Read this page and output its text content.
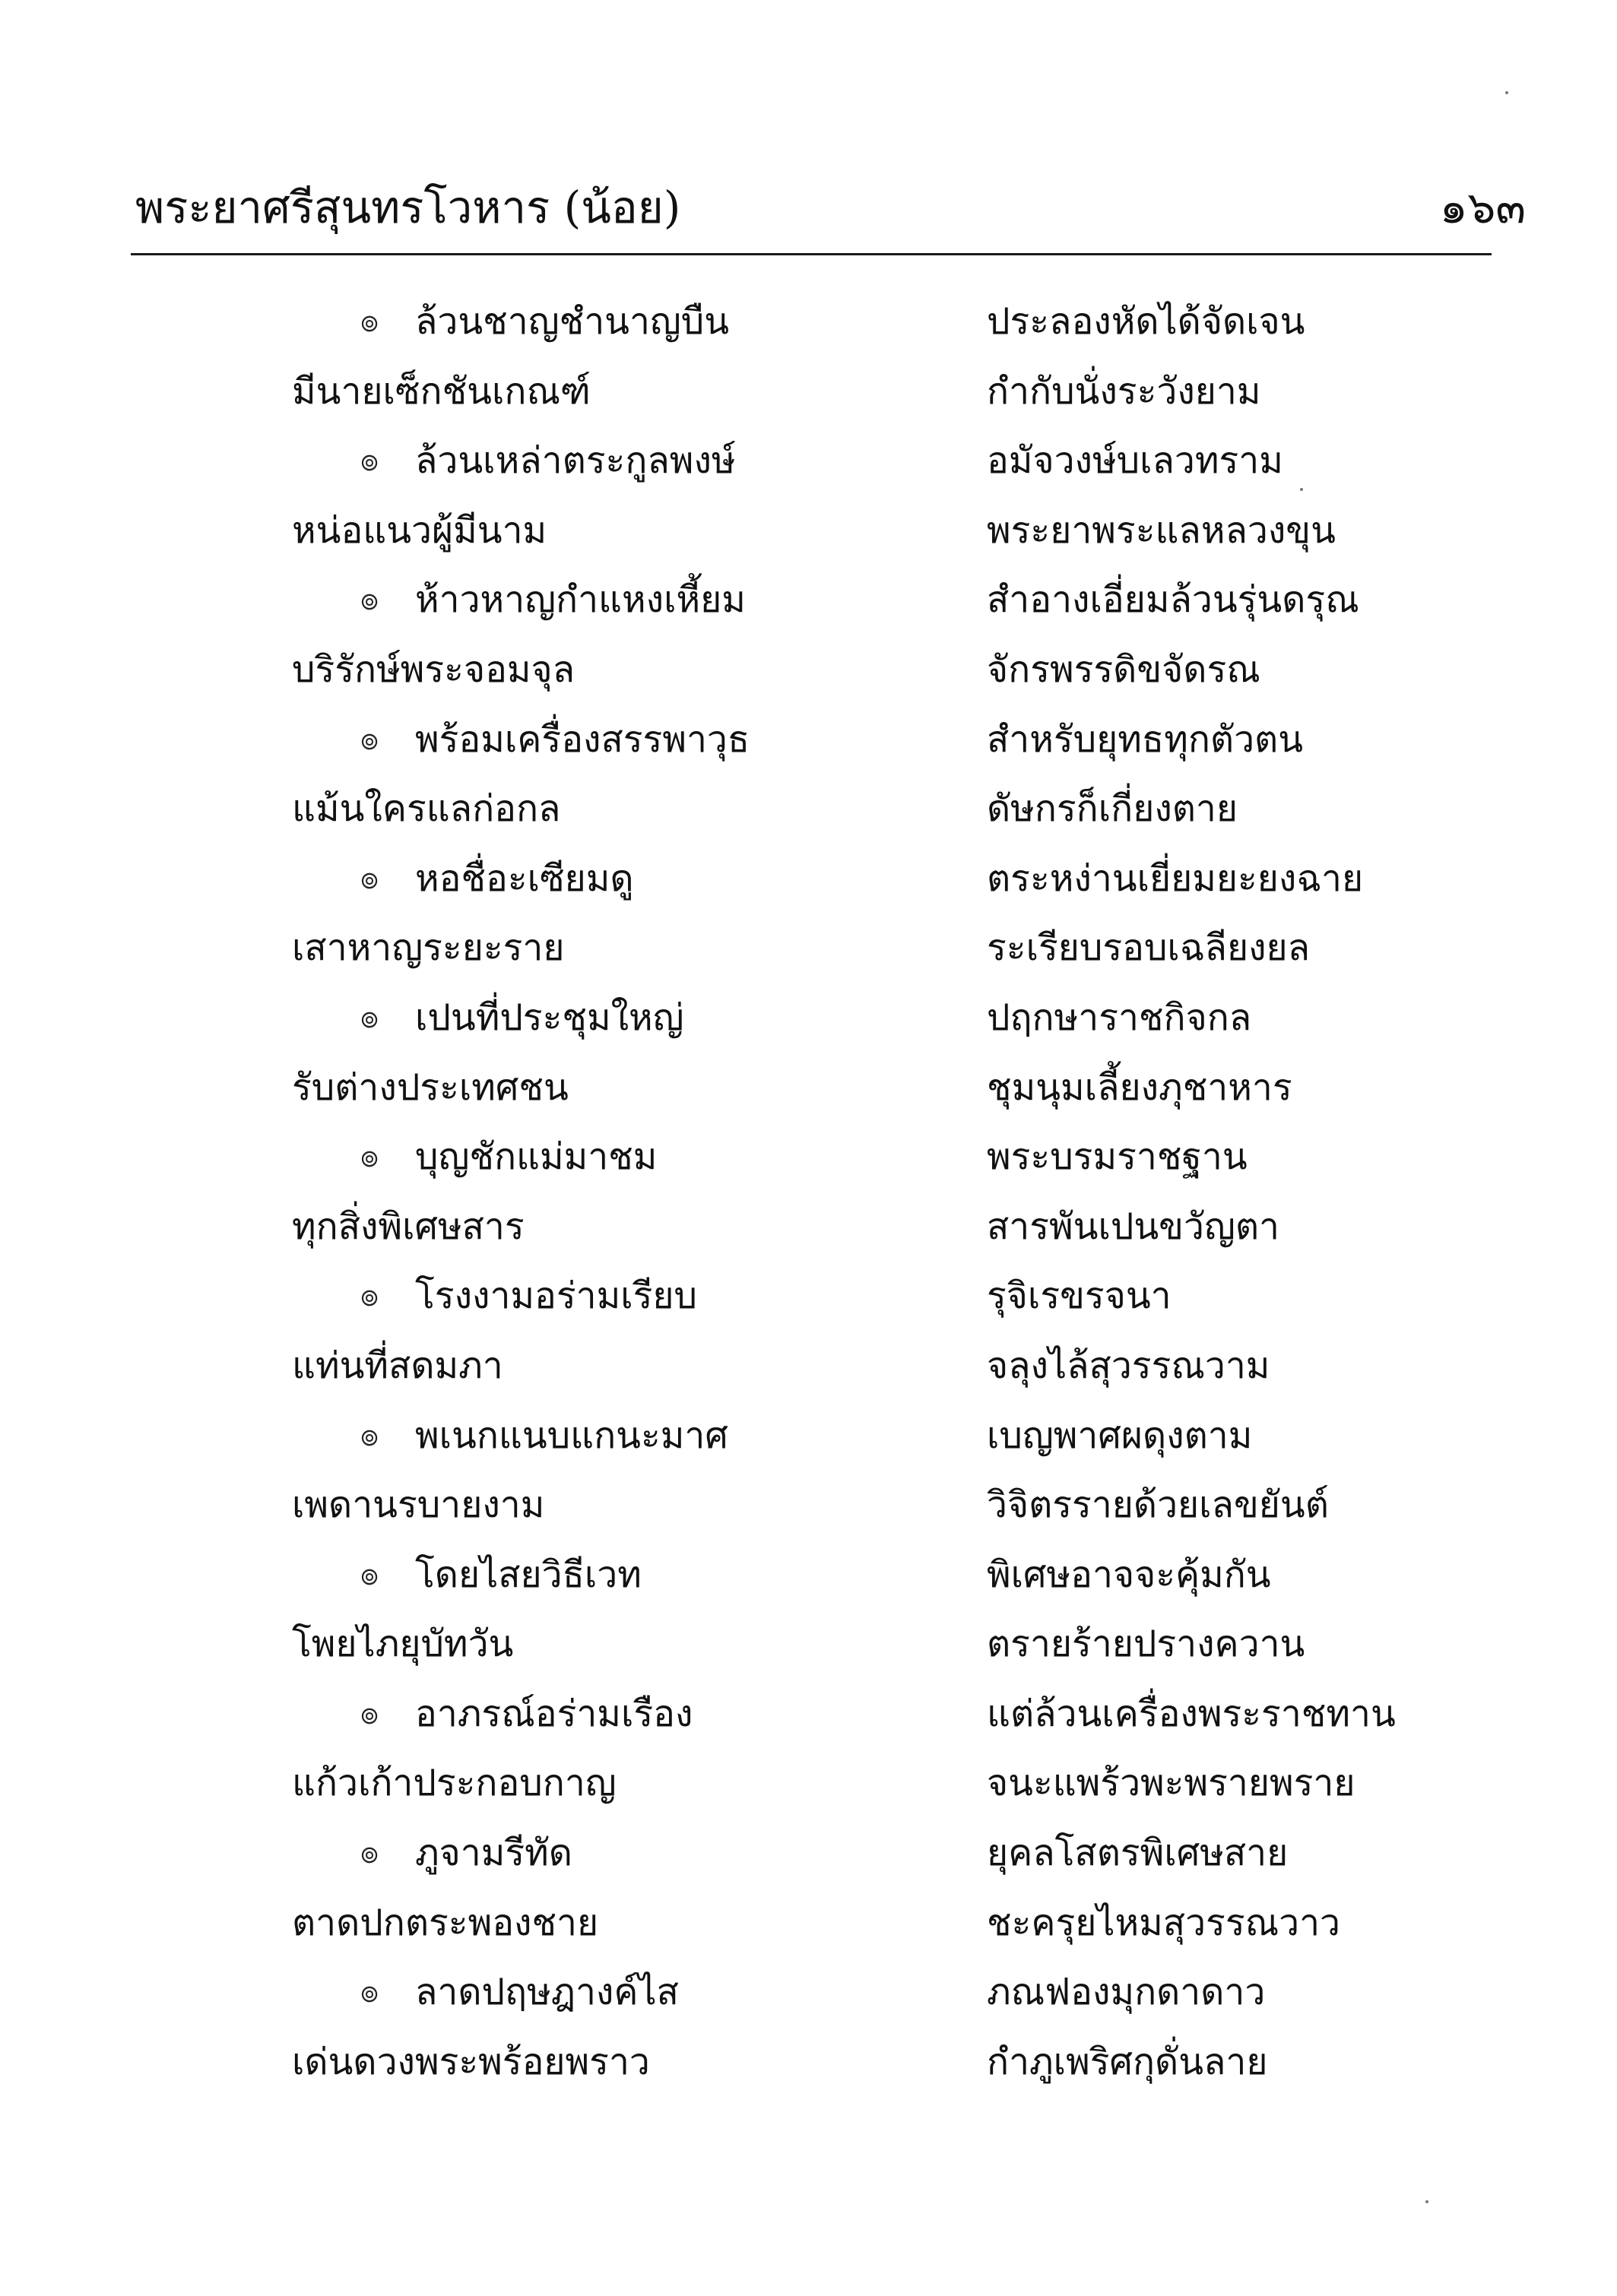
พระยาศรีสุนทรโวหาร (น้อย)	๑๖๓
๏ ล้วนชาญชำนาญบืน	ประลองหัดได้จัดเจน
มีนายเซ็กชันเกณฑ์	กำกับนั่งระวังยาม
๏ ล้วนเหล่าตระกูลพงษ์	อมัจวงษ์บเลวทราม
หน่อแนวผู้มีนาม	พระยาพระแลหลวงขุน
๏ ห้าวหาญกำแหงเหี้ยม	สำอางเอี่ยมล้วนรุ่นดรุณ
บริรักษ์พระจอมจุล	จักรพรรดิขจัดรณ
๏ พร้อมเครื่องสรรพาวุธ	สำหรับยุทธทุกตัวตน
แม้นใครแลก่อกล	ดัษกรก็เกี่ยงตาย
๏ หอชื่อะเซียมดู	ตระหง่านเยี่ยมยะยงฉาย
เสาหาญระยะราย	ระเรียบรอบเฉลียงยล
๏ เปนที่ประชุมใหญ่	ปฤกษาราชกิจกล
รับต่างประเทศชน	ชุมนุมเลี้ยงภุชาหาร
๏ บุญชักแม่มาชม	พระบรมราชฐาน
ทุกสิ่งพิเศษสาร	สารพันเปนขวัญตา
๏ โรงงามอร่ามเรียบ	รุจิเรขรจนา
แท่นที่สดมภา	จลุงไล้สุวรรณวาม
๏ พเนกแนบแกนะมาศ	เบญพาศผดุงตาม
เพดานรบายงาม	วิจิตรรายด้วยเลขยันต์
๏ โดยไสยวิธีเวท	พิเศษอาจจะคุ้มกัน
โพยไภยุบัทวัน	ตรายร้ายปรางควาน
๏ อาภรณ์อร่ามเรือง	แต่ล้วนเครื่องพระราชทาน
แก้วเก้าประกอบกาญ	จนะแพร้วพะพรายพราย
๏ ภูจามรีทัด	ยุคลโสตรพิเศษสาย
ตาดปกตระพองชาย	ชะครุยไหมสุวรรณวาว
๏ ลาดปฤษฎางค์ไส	ภณฟองมุกดาดาว
เด่นดวงพระพร้อยพราว	กำภูเพริศกุดั่นลาย
